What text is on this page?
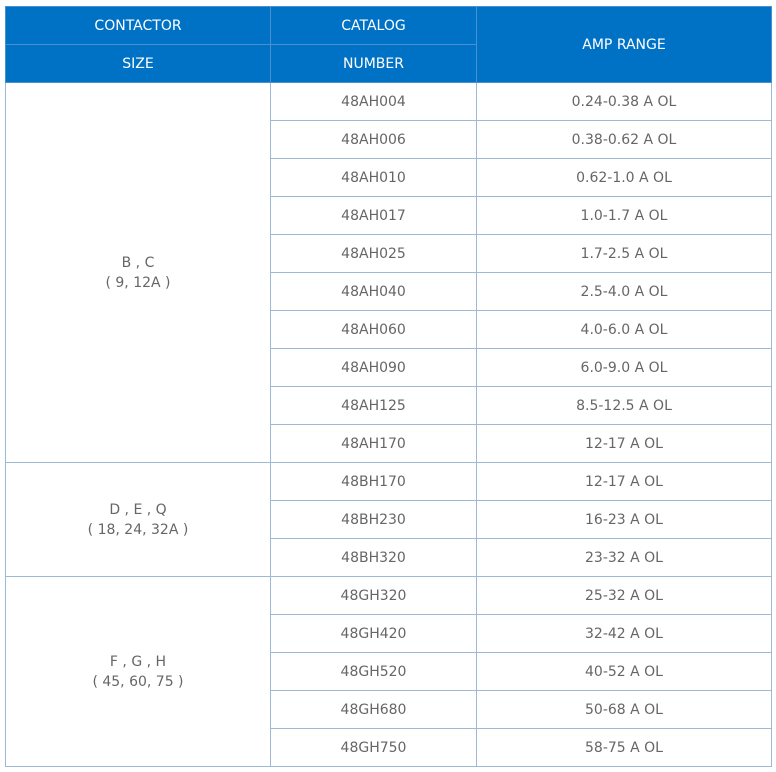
CONTACTOR	CATALOG	AMP RANGE
SIZE	NUMBER	

B , C
( 9, 12A )	48AH004	0.24-0.38 A OL
	48AH006	0.38-0.62 A OL
	48AH010	0.62-1.0 A OL
	48AH017	1.0-1.7 A OL
	48AH025	1.7-2.5 A OL
	48AH040	2.5-4.0 A OL
	48AH060	4.0-6.0 A OL
	48AH090	6.0-9.0 A OL
	48AH125	8.5-12.5 A OL
	48AH170	12-17 A OL

D , E , Q
( 18, 24, 32A )	48BH170	12-17 A OL
	48BH230	16-23 A OL
	48BH320	23-32 A OL

F , G , H
( 45, 60, 75 )	48GH320	25-32 A OL
	48GH420	32-42 A OL
	48GH520	40-52 A OL
	48GH680	50-68 A OL
	48GH750	58-75 A OL
